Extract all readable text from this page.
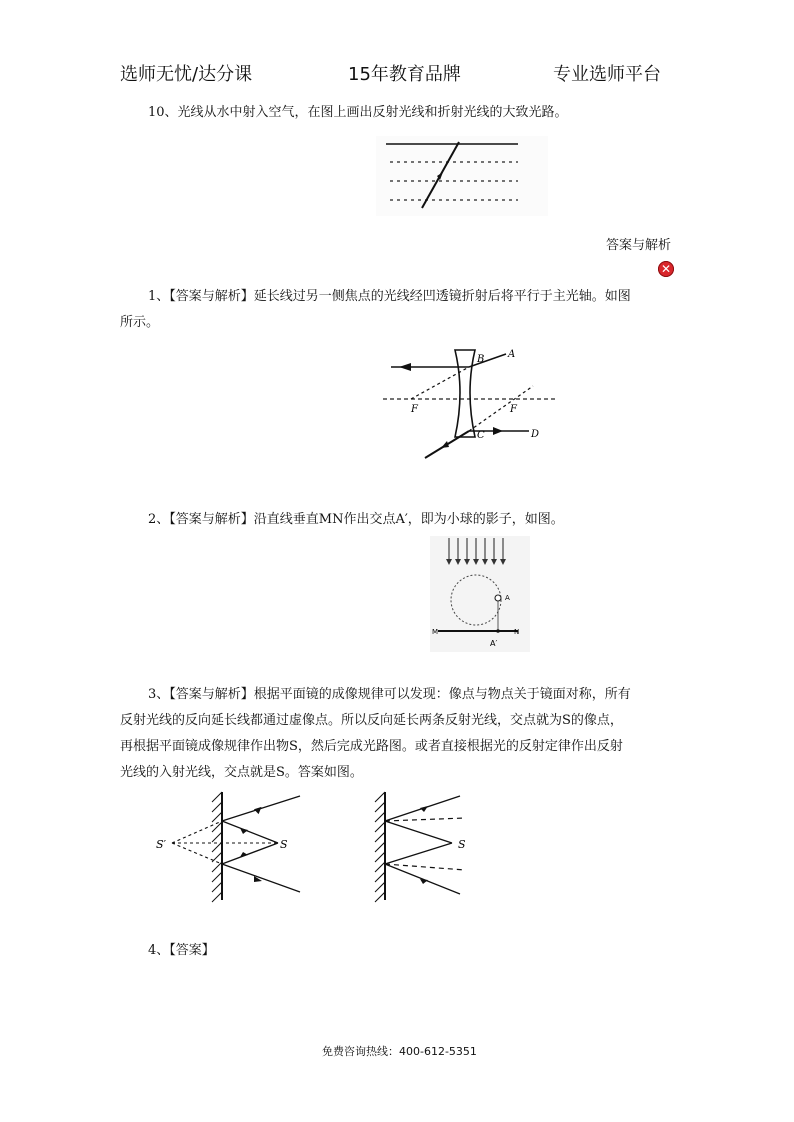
选师无忧/达分课	15年教育品牌	专业选师平台
10、光线从水中射入空气，在图上画出反射光线和折射光线的大致光路。
答案与解析
✕
1、【答案与解析】延长线过另一侧焦点的光线经凹透镜折射后将平行于主光轴。如图
所示。
B A
F	F
C	D
2、【答案与解析】沿直线垂直MN作出交点A′，即为小球的影子，如图。
A
M	N
A′
3、【答案与解析】根据平面镜的成像规律可以发现：像点与物点关于镜面对称，所有
反射光线的反向延长线都通过虚像点。所以反向延长两条反射光线，交点就为S的像点，
再根据平面镜成像规律作出物S，然后完成光路图。或者直接根据光的反射定律作出反射
光线的入射光线，交点就是S。答案如图。
S′	S	S
4、【答案】
免费咨询热线：400-612-5351
